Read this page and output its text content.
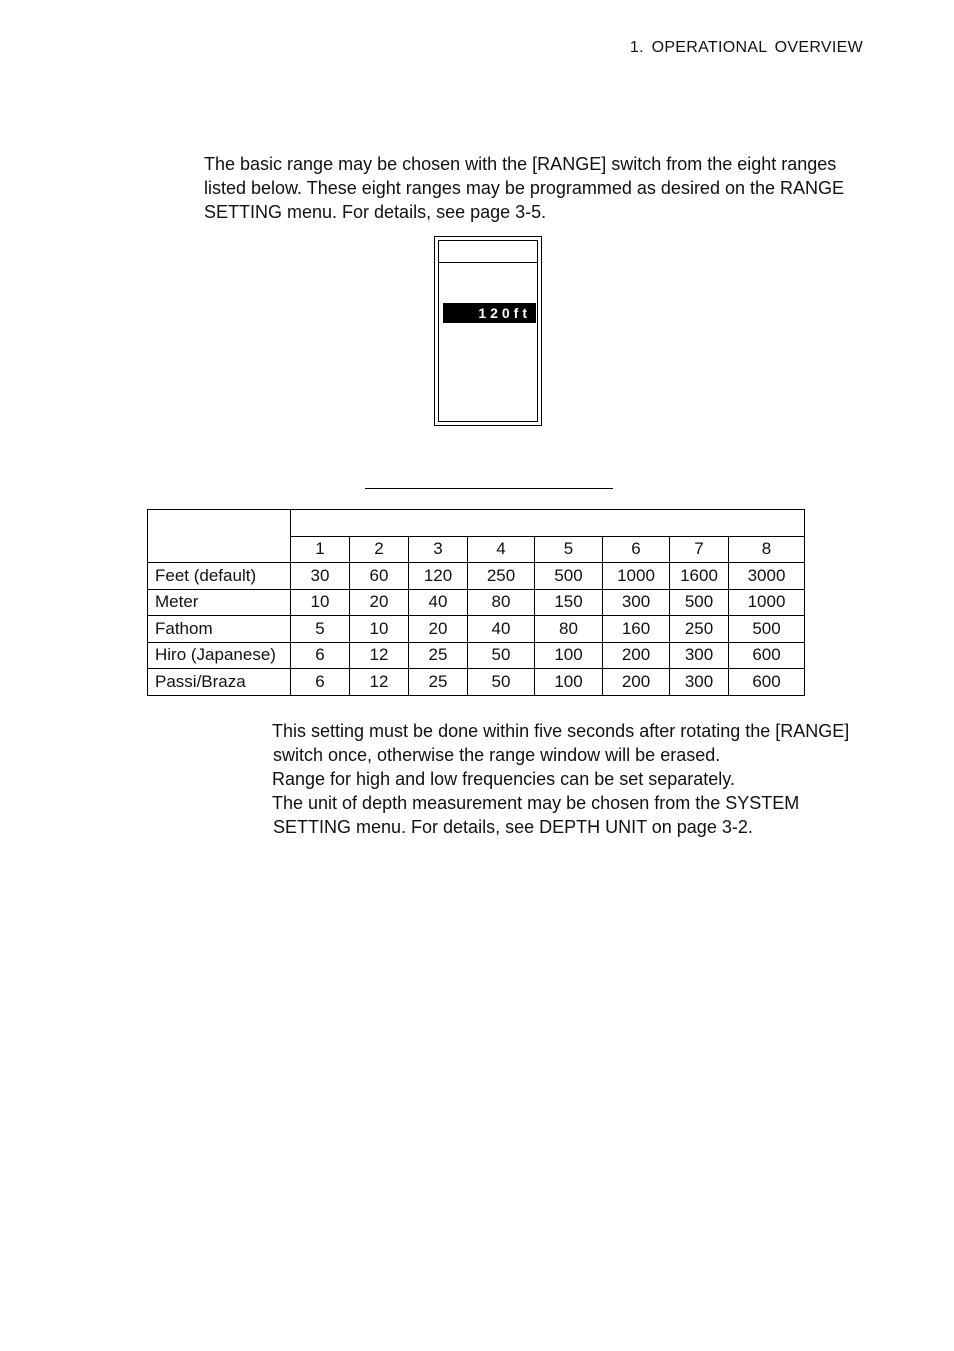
1. OPERATIONAL OVERVIEW
The basic range may be chosen with the [RANGE] switch from the eight ranges listed below. These eight ranges may be programmed as desired on the RANGE SETTING menu. For details, see page 3-5.
120ft

	1	2	3	4	5	6	7	8
Feet (default)	30	60	120	250	500	1000	1600	3000
Meter	10	20	40	80	150	300	500	1000
Fathom	5	10	20	40	80	160	250	500
Hiro (Japanese)	6	12	25	50	100	200	300	600
Passi/Braza	6	12	25	50	100	200	300	600

This setting must be done within five seconds after rotating the [RANGE]

switch once, otherwise the range window will be erased.

Range for high and low frequencies can be set separately.

The unit of depth measurement may be chosen from the SYSTEM

SETTING menu. For details, see DEPTH UNIT on page 3-2.
